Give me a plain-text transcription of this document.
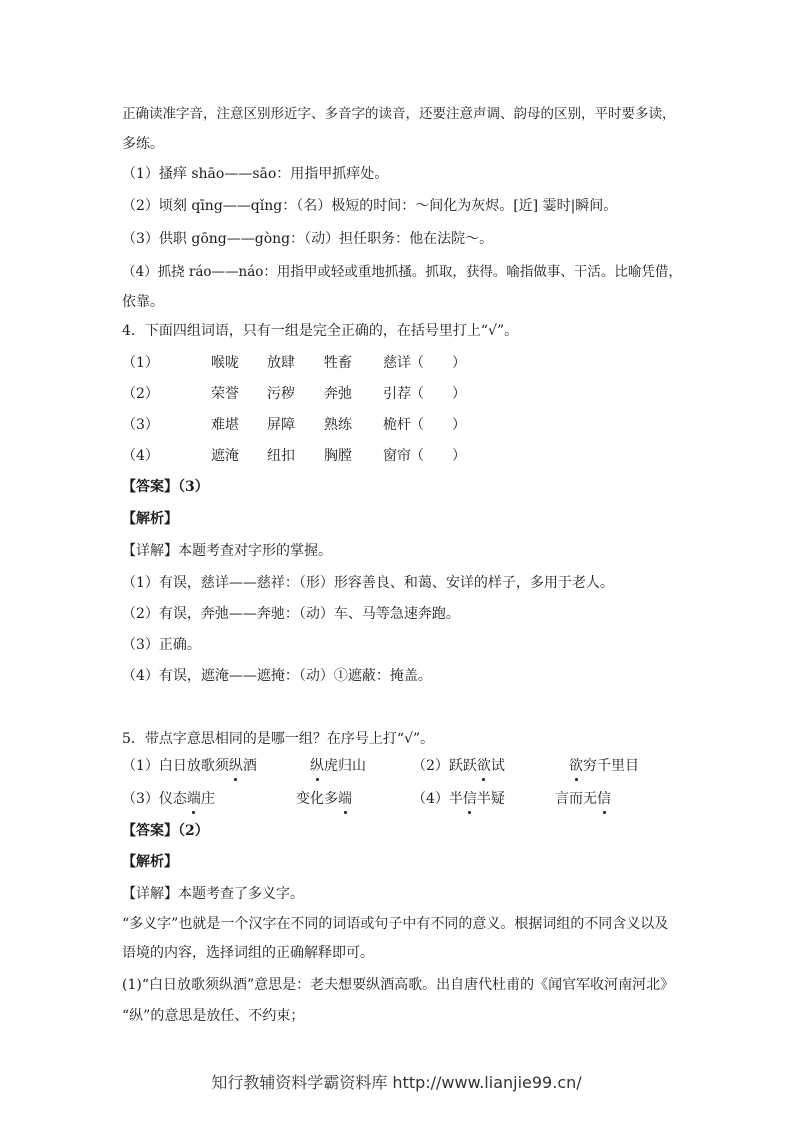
正确读准字音，注意区别形近字、多音字的读音，还要注意声调、韵母的区别，平时要多读，
多练。
（1）搔痒 shāo——sāo：用指甲抓痒处。
（2）顷刻 qīng——qǐng：（名）极短的时间：～间化为灰烬。[近] 霎时|瞬间。
（3）供职 gōng——gòng：（动）担任职务：他在法院～。
（4）抓挠 ráo——náo：用指甲或轻或重地抓搔。抓取，获得。喻指做事、干活。比喻凭借，
依靠。
4．下面四组词语，只有一组是完全正确的，在括号里打上“√”。
（1）	喉咙 放肆 牲畜 慈详 （　　）
（2）	荣誉 污秽 奔弛 引荐 （　　）
（3）	难堪 屏障 熟练 桅杆 （　　）
（4）	遮淹 纽扣 胸膛 窗帘 （　　）
【答案】（3）
【解析】
【详解】本题考查对字形的掌握。
（1）有误，慈详——慈祥：（形）形容善良、和蔼、安详的样子，多用于老人。
（2）有误，奔弛——奔驰：（动）车、马等急速奔跑。
（3）正确。
（4）有误，遮淹——遮掩：（动）①遮蔽：掩盖。
5．带点字意思相同的是哪一组？在序号上打“√”。
（1）白日放歌须纵酒	纵虎归山	（2）跃跃欲试	欲穷千里目
（3）仪态端庄	变化多端	（4）半信半疑	言而无信
【答案】（2）
【解析】
【详解】本题考查了多义字。
“多义字”也就是一个汉字在不同的词语或句子中有不同的意义。根据词组的不同含义以及
语境的内容，选择词组的正确解释即可。
(1)“白日放歌须纵酒”意思是：老夫想要纵酒高歌。出自唐代杜甫的《闻官军收河南河北》
“纵”的意思是放任、不约束；
知行教辅资料学霸资料库 http://www.lianjie99.cn/
